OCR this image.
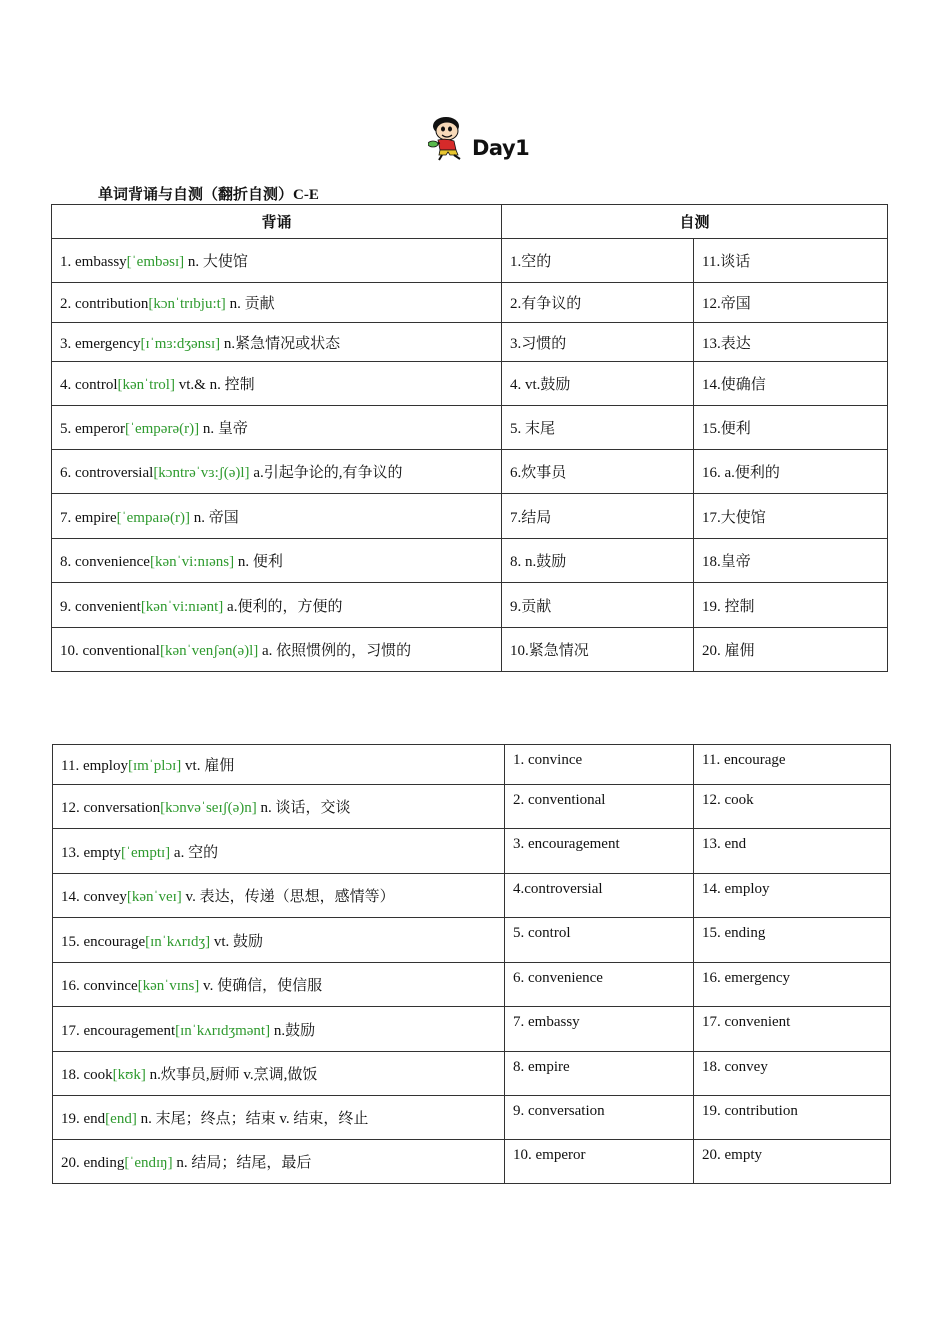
Day1
单词背诵与自测（翻折自测）C-E
背诵	自测	
1. embassy[ˈembəsɪ] n. 大使馆	1.空的	11.谈话
2. contribution[kɔnˈtrɪbju:t] n. 贡献	2.有争议的	12.帝国
3. emergency[ɪˈmɜ:dʒənsɪ] n.紧急情况或状态	3.习惯的	13.表达
4. control[kənˈtrol] vt.& n. 控制	4. vt.鼓励	14.使确信
5. emperor[ˈempərə(r)] n. 皇帝	5. 末尾	15.便利
6. controversial[kɔntrəˈvɜ:ʃ(ə)l] a.引起争论的,有争议的	6.炊事员	16. a.便利的
7. empire[ˈempaɪə(r)] n. 帝国	7.结局	17.大使馆
8. convenience[kənˈvi:nɪəns] n. 便利	8. n.鼓励	18.皇帝
9. convenient[kənˈvi:nɪənt] a.便利的，方便的	9.贡献	19. 控制
10. conventional[kənˈvenʃən(ə)l] a. 依照惯例的，习惯的	10.紧急情况	20. 雇佣
11. employ[ɪmˈplɔɪ] vt. 雇佣	1. convince	11. encourage
12. conversation[kɔnvəˈseɪʃ(ə)n] n. 谈话，交谈	2. conventional	12. cook
13. empty[ˈemptɪ] a. 空的	3. encouragement	13. end
14. convey[kənˈveɪ] v. 表达，传递（思想，感情等）	4.controversial	14. employ
15. encourage[ɪnˈkʌrɪdʒ] vt. 鼓励	5. control	15. ending
16. convince[kənˈvɪns] v. 使确信，使信服	6. convenience	16. emergency
17. encouragement[ɪnˈkʌrɪdʒmənt] n.鼓励	7. embassy	17. convenient
18. cook[kʊk] n.炊事员,厨师 v.烹调,做饭	8. empire	18. convey
19. end[end] n. 末尾；终点；结束 v. 结束，终止	9. conversation	19. contribution
20. ending[ˈendɪŋ] n. 结局；结尾，最后	10. emperor	20. empty
